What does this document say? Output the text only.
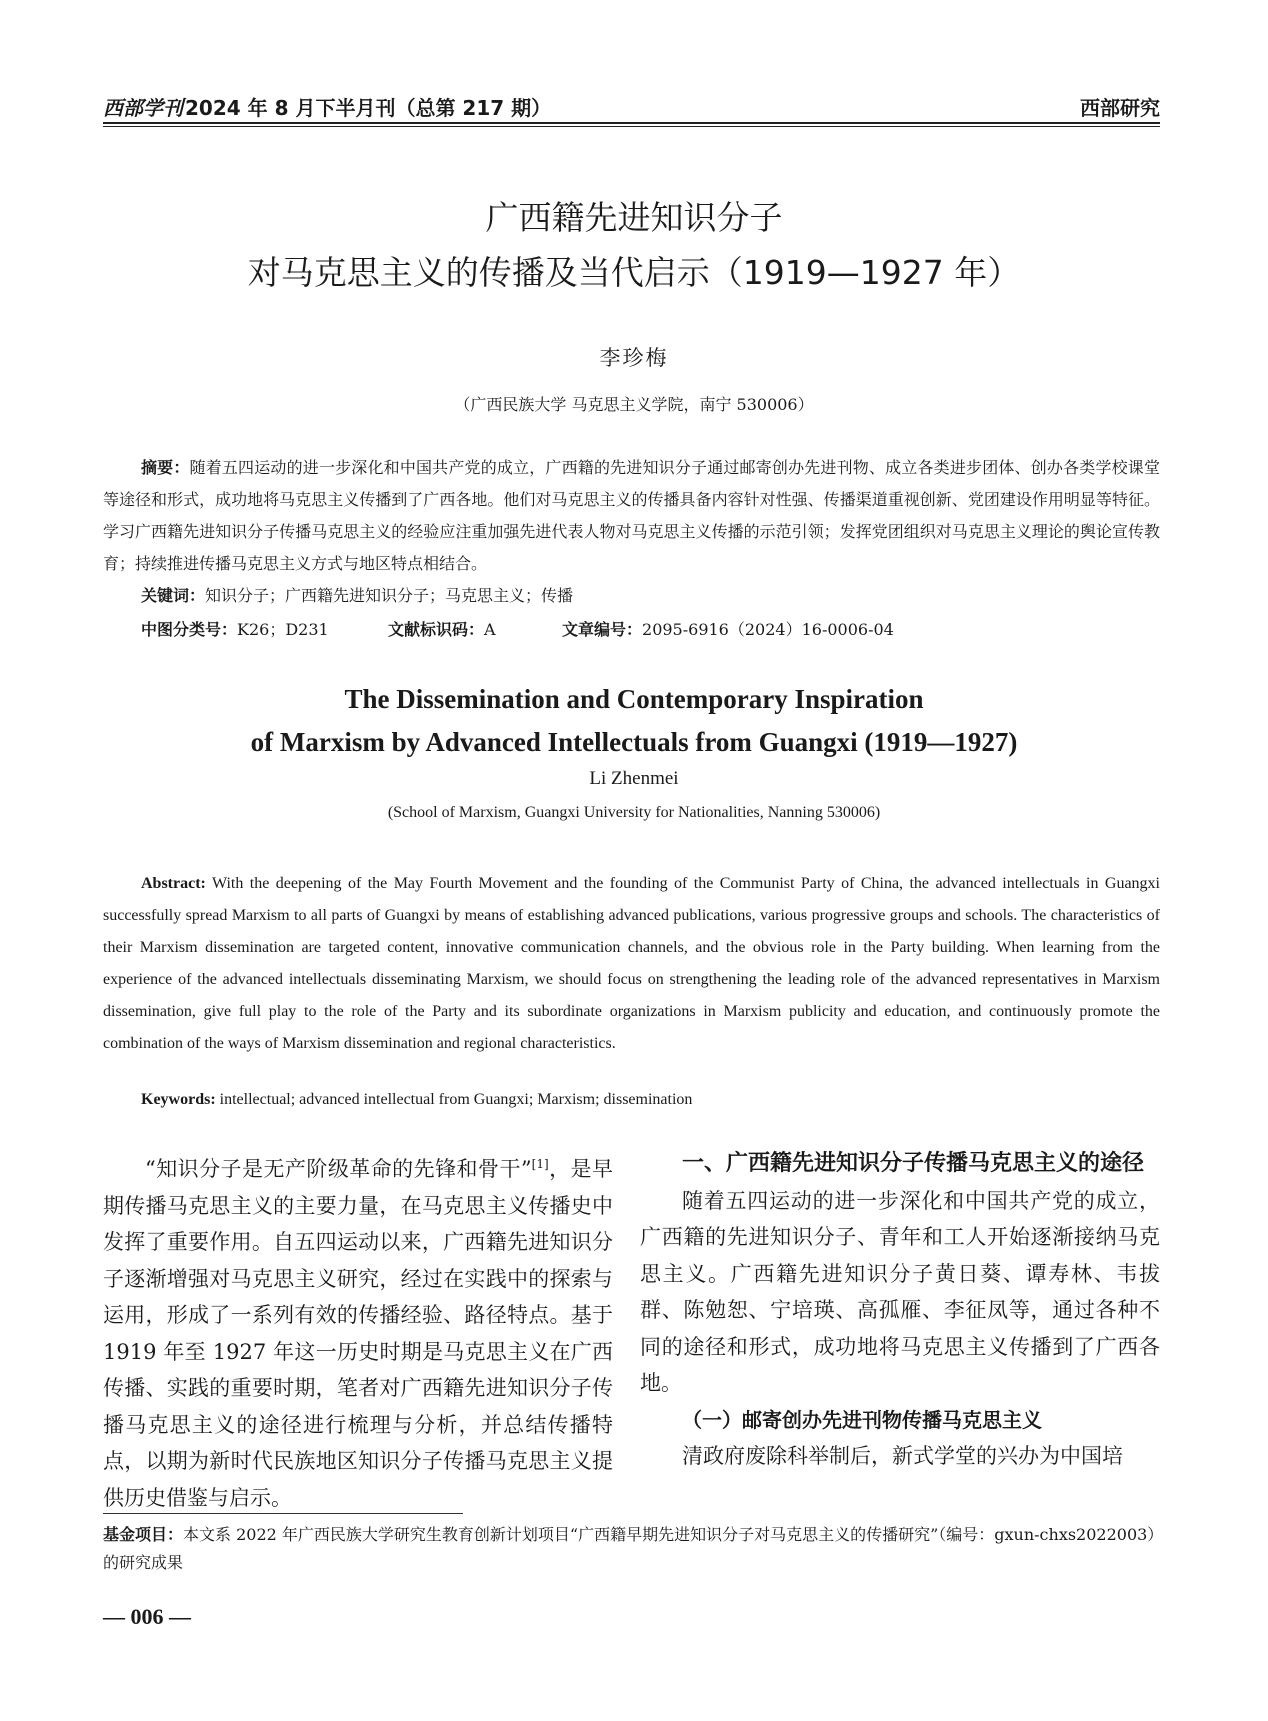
西部学刊 2024 年 8 月下半月刊（总第 217 期）	西部研究
广西籍先进知识分子
对马克思主义的传播及当代启示（1919—1927 年）
李珍梅
（广西民族大学 马克思主义学院，南宁 530006）
摘要：随着五四运动的进一步深化和中国共产党的成立，广西籍的先进知识分子通过邮寄创办先进刊物、成立各类进步团体、创办各类学校课堂等途径和形式，成功地将马克思主义传播到了广西各地。他们对马克思主义的传播具备内容针对性强、传播渠道重视创新、党团建设作用明显等特征。学习广西籍先进知识分子传播马克思主义的经验应注重加强先进代表人物对马克思主义传播的示范引领；发挥党团组织对马克思主义理论的舆论宣传教育；持续推进传播马克思主义方式与地区特点相结合。
关键词：知识分子；广西籍先进知识分子；马克思主义；传播
中图分类号：K26；D231	文献标识码：A	文章编号：2095-6916（2024）16-0006-04
The Dissemination and Contemporary Inspiration
of Marxism by Advanced Intellectuals from Guangxi (1919—1927)
Li Zhenmei
(School of Marxism, Guangxi University for Nationalities, Nanning 530006)
Abstract: With the deepening of the May Fourth Movement and the founding of the Communist Party of China, the advanced intellectuals in Guangxi successfully spread Marxism to all parts of Guangxi by means of establishing advanced publications, various progressive groups and schools. The characteristics of their Marxism dissemination are targeted content, innovative communication channels, and the obvious role in the Party building. When learning from the experience of the advanced intellectuals disseminating Marxism, we should focus on strengthening the leading role of the advanced representatives in Marxism dissemination, give full play to the role of the Party and its subordinate organizations in Marxism publicity and education, and continuously promote the combination of the ways of Marxism dissemination and regional characteristics.
Keywords: intellectual; advanced intellectual from Guangxi; Marxism; dissemination

“知识分子是无产阶级革命的先锋和骨干”[1]，是早期传播马克思主义的主要力量，在马克思主义传播史中发挥了重要作用。自五四运动以来，广西籍先进知识分子逐渐增强对马克思主义研究，经过在实践中的探索与运用，形成了一系列有效的传播经验、路径特点。基于 1919 年至 1927 年这一历史时期是马克思主义在广西传播、实践的重要时期，笔者对广西籍先进知识分子传播马克思主义的途径进行梳理与分析，并总结传播特点，以期为新时代民族地区知识分子传播马克思主义提供历史借鉴与启示。

一、广西籍先进知识分子传播马克思主义的途径

随着五四运动的进一步深化和中国共产党的成立，广西籍的先进知识分子、青年和工人开始逐渐接纳马克思主义。广西籍先进知识分子黄日葵、谭寿林、韦拔群、陈勉恕、宁培瑛、高孤雁、李征凤等，通过各种不同的途径和形式，成功地将马克思主义传播到了广西各地。

（一）邮寄创办先进刊物传播马克思主义

清政府废除科举制后，新式学堂的兴办为中国培

基金项目：本文系 2022 年广西民族大学研究生教育创新计划项目“广西籍早期先进知识分子对马克思主义的传播研究”（编号：gxun-chxs2022003）的研究成果
— 006 —
